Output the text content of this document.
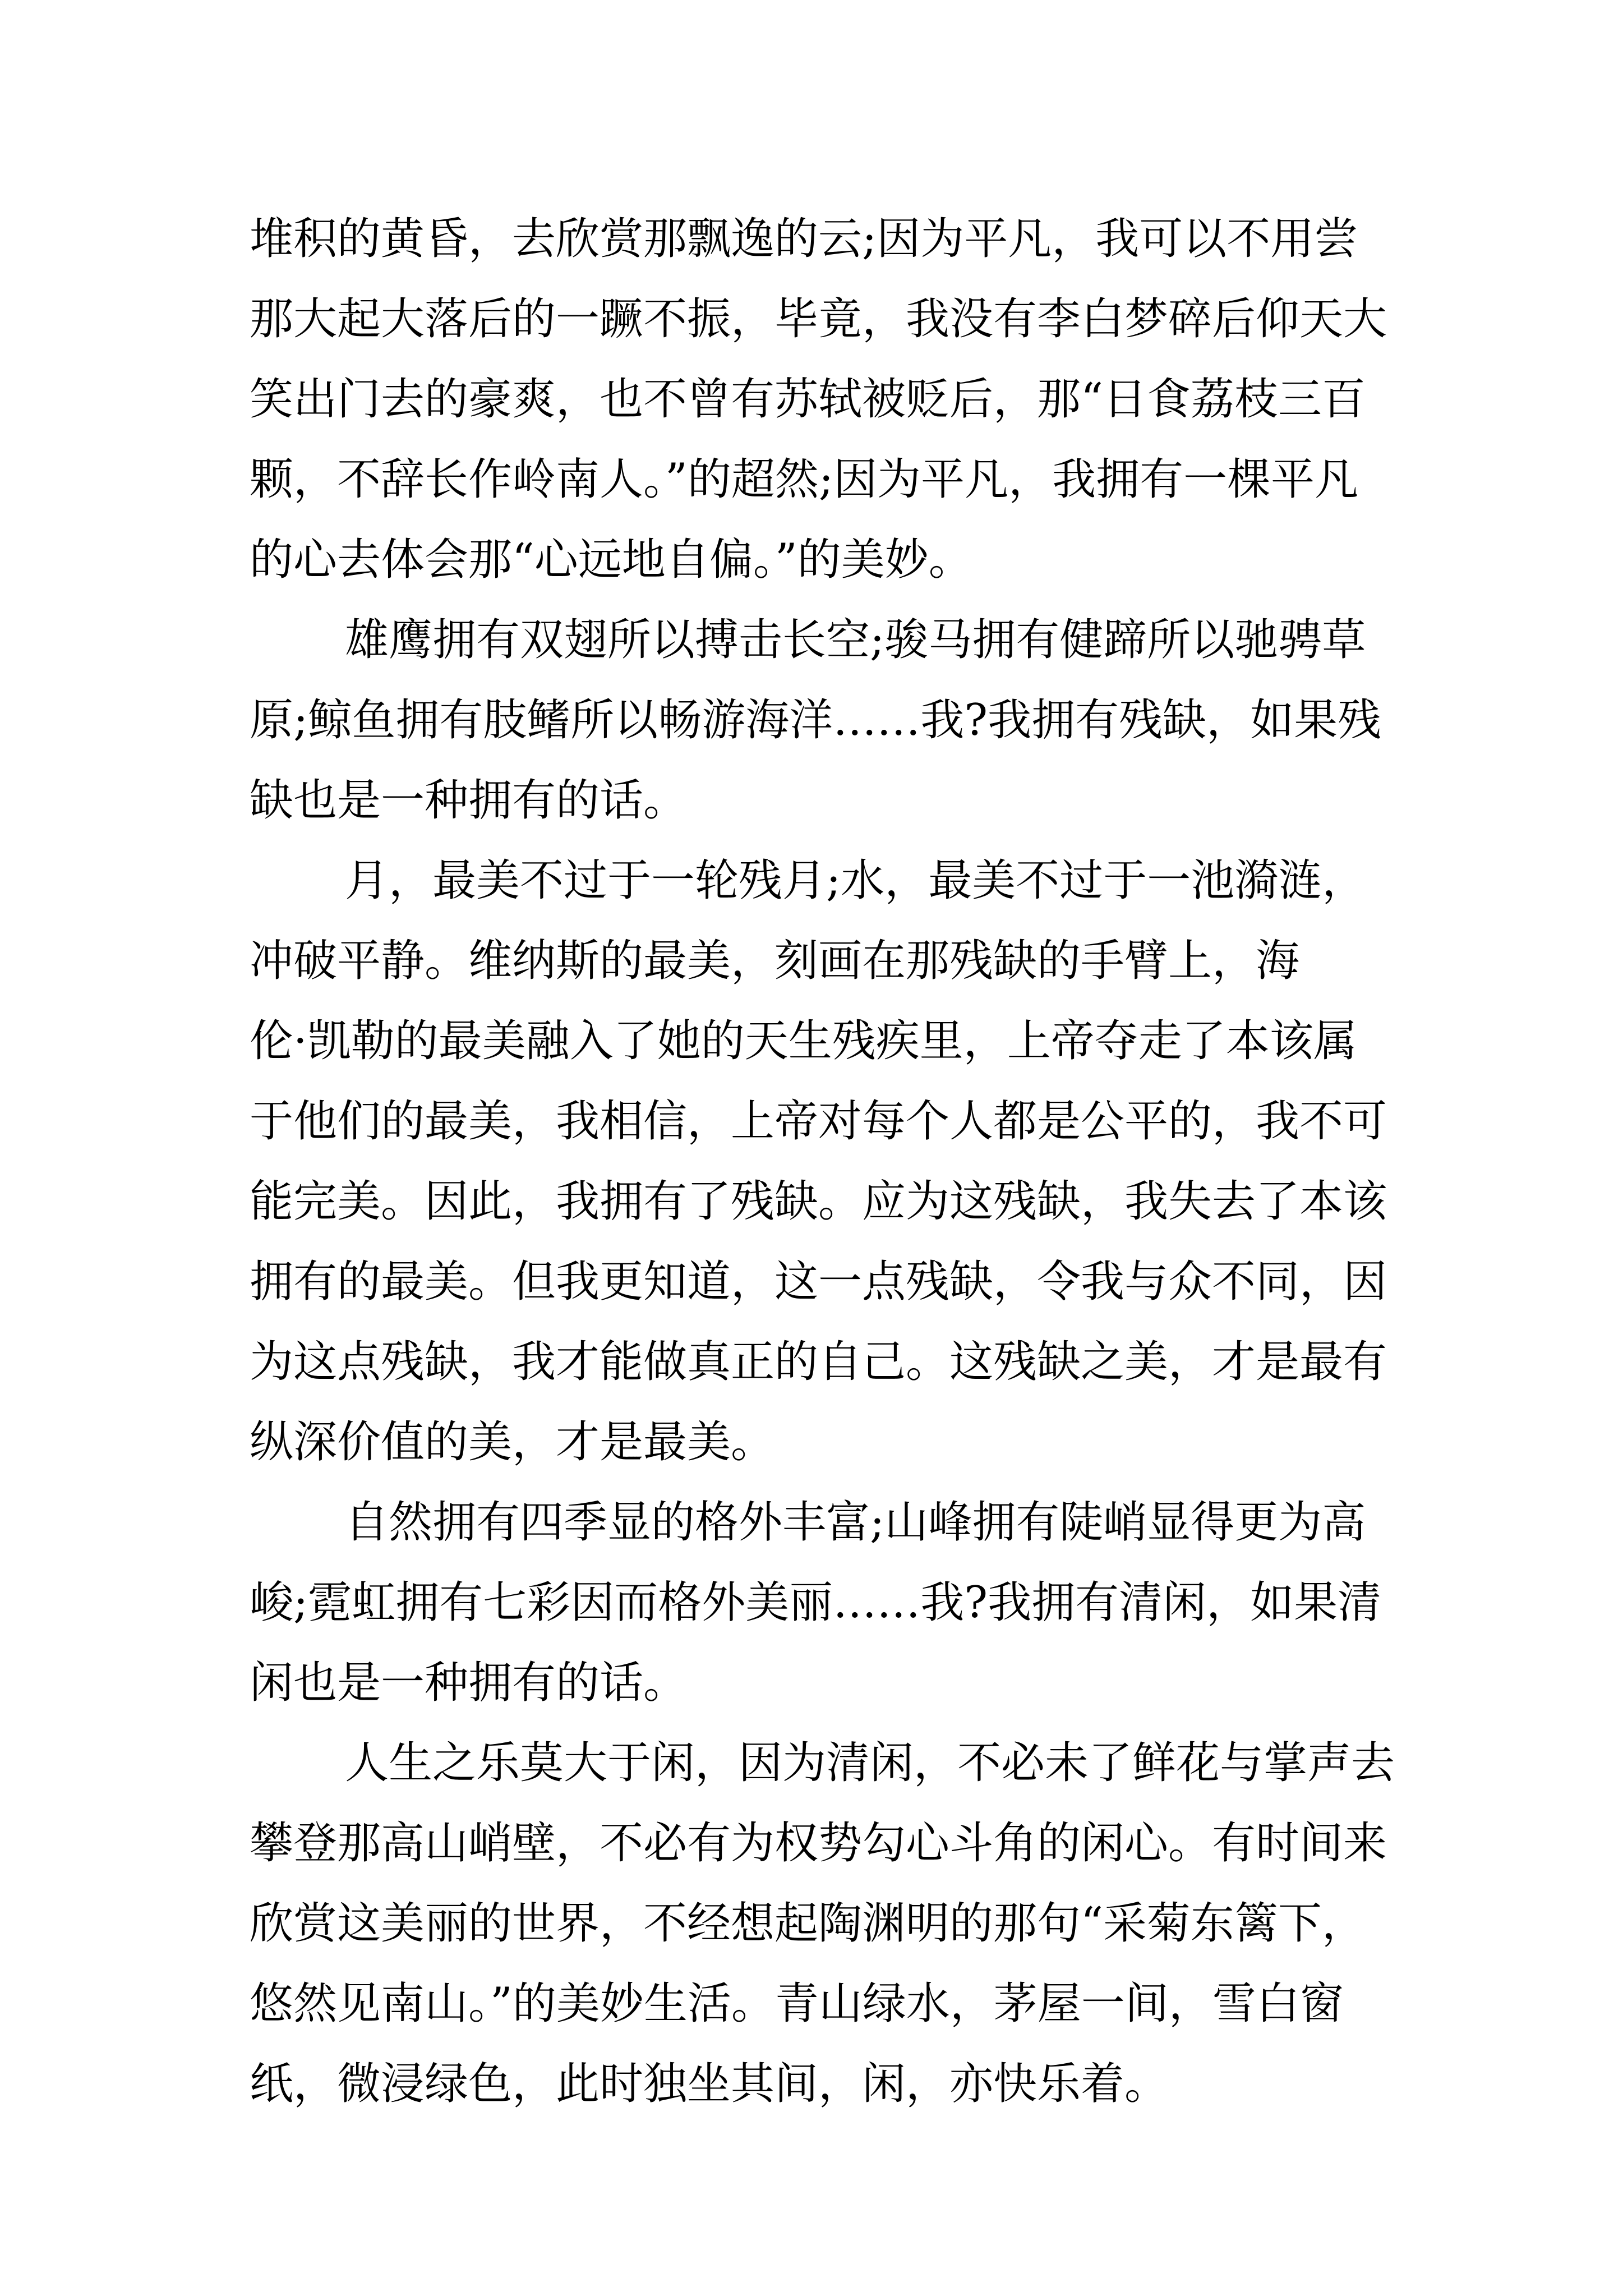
堆积的黄昏，去欣赏那飘逸的云;因为平凡，我可以不用尝
那大起大落后的一蹶不振，毕竟，我没有李白梦碎后仰天大
笑出门去的豪爽，也不曾有苏轼被贬后，那“日食荔枝三百
颗，不辞长作岭南人。”的超然;因为平凡，我拥有一棵平凡
的心去体会那“心远地自偏。”的美妙。
雄鹰拥有双翅所以搏击长空;骏马拥有健蹄所以驰骋草
原;鲸鱼拥有肢鳍所以畅游海洋……我?我拥有残缺，如果残
缺也是一种拥有的话。
月，最美不过于一轮残月;水，最美不过于一池漪涟，
冲破平静。维纳斯的最美，刻画在那残缺的手臂上，海
伦·凯勒的最美融入了她的天生残疾里，上帝夺走了本该属
于他们的最美，我相信，上帝对每个人都是公平的，我不可
能完美。因此，我拥有了残缺。应为这残缺，我失去了本该
拥有的最美。但我更知道，这一点残缺，令我与众不同，因
为这点残缺，我才能做真正的自己。这残缺之美，才是最有
纵深价值的美，才是最美。
自然拥有四季显的格外丰富;山峰拥有陡峭显得更为高
峻;霓虹拥有七彩因而格外美丽……我?我拥有清闲，如果清
闲也是一种拥有的话。
人生之乐莫大于闲，因为清闲，不必未了鲜花与掌声去
攀登那高山峭壁，不必有为权势勾心斗角的闲心。有时间来
欣赏这美丽的世界，不经想起陶渊明的那句“采菊东篱下，
悠然见南山。”的美妙生活。青山绿水，茅屋一间，雪白窗
纸，微浸绿色，此时独坐其间，闲，亦快乐着。
